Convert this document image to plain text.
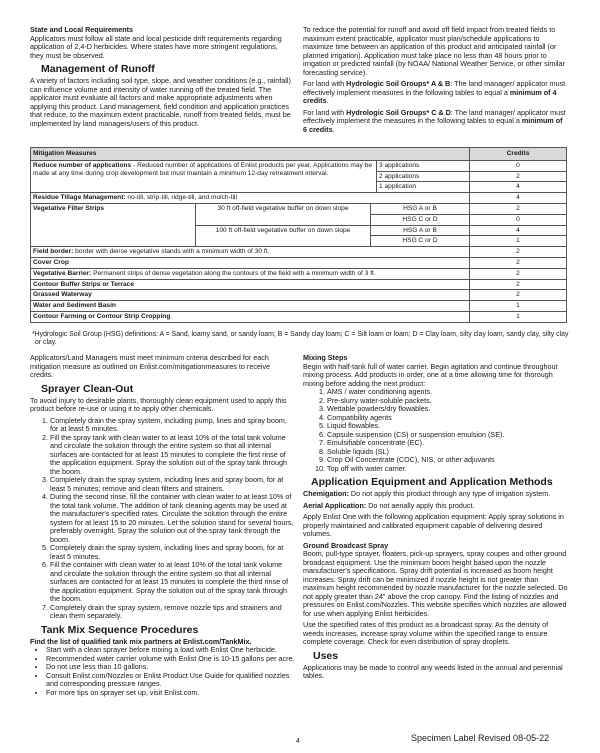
State and Local Requirements

Applicators must follow all state and local pesticide drift requirements regarding application of 2,4-D herbicides. Where states have more stringent regulations, they must be observed.

Management of Runoff

A variety of factors including soil type, slope, and weather conditions (e.g., rainfall) can influence volume and intensity of water running off the treated field. The applicator must evaluate all factors and make appropriate adjustments when applying this product. Land management, field condition and application practices that reduce, to the maximum extent practicable, runoff from treated fields, must be implemented by land managers/users of this product.

To reduce the potential for runoff and avoid off field impact from treated fields to maximum extent practicable, applicator must plan/schedule applications to maximize time between an application of this product and anticipated rainfall (or planned irrigation). Application must take place no less than 48 hours prior to irrigation or predicted rainfall (by NOAA/ National Weather Service, or other similar forecasting service).

For land with Hydrologic Soil Groups* A & B: The land manager/ applicator must effectively implement measures in the following tables to equal a minimum of 4 credits.

For land with Hydrologic Soil Groups* C & D: The land manager/ applicator must effectively implement the measures in the following tables to equal a minimum of 6 credits.

Mitigation Measures				Credits
Reduce number of applications - Reduced number of applications of Enlist products per year. Applications may be made at any time during crop development but must maintain a minimum 12-day retreatment interval.			3 applications	0
			2 applications	2
			1 application	4
Residue Tillage Management: no-till, strip-till, ridge-till, and mulch-till				4
Vegetative Filter Strips	30 ft off-field vegetative buffer on down slope	HSG A or B		2
		HSG C or D		0
	100 ft off-field vegetative buffer on down slope	HSG A or B		4
		HSG C or D		1
Field border: border with dense vegetative stands with a minimum width of 30 ft.				2
Cover Crop				2
Vegetative Barrier: Permanent strips of dense vegetation along the contours of the field with a minimum width of 3 ft.				2
Contour Buffer Strips or Terrace				2
Grassed Waterway				2
Water and Sediment Basin				1
Contour Farming or Contour Strip Cropping				1
*Hydrologic Soil Group (HSG) definitions: A = Sand, loamy sand, or sandy loam; B = Sandy clay loam; C = Silt loam or loam; D = Clay loam, silty clay loam, sandy clay, silty clay or clay.

Applicators/Land Managers must meet minimum criteria described for each mitigation measure as outlined on Enlist.com/mitigationmeasures to receive credits.

Sprayer Clean-Out

To avoid injury to desirable plants, thoroughly clean equipment used to apply this product before re-use or using it to apply other chemicals.

1. Completely drain the spray system, including pump, lines and spray boom, for at least 5 minutes.
2. Fill the spray tank with clean water to at least 10% of the total tank volume and circulate the solution through the entire system so that all internal surfaces are contacted for at least 15 minutes to complete the first rinse of the application equipment. Spray the solution out of the spray tank through the boom.
3. Completely drain the spray system, including lines and spray boom, for at least 5 minutes; remove and clean filters and strainers.
4. During the second rinse, fill the container with clean water to at least 10% of the total tank volume. The addition of tank cleaning agents may be used at the manufacturer's specified rates. Circulate the solution through the entire system for at least 15 to 20 minutes. Let the solution stand for several hours, preferably overnight. Spray the solution out of the spray tank through the boom.
5. Completely drain the spray system, including lines and spray boom, for at least 5 minutes.
6. Fill the container with clean water to at least 10% of the total tank volume and circulate the solution through the entire system so that all internal surfaces are contacted for at least 15 minutes to complete the third rinse of the application equipment. Spray the solution out of the spray tank through the boom.
7. Completely drain the spray system, remove nozzle tips and strainers and clean them separately.
Tank Mix Sequence Procedures

Find the list of qualified tank mix partners at Enlist.com/TankMix.

• Start with a clean sprayer before mixing a load with Enlist One herbicide.
• Recommended water carrier volume with Enlist One is 10-15 gallons per acre.
• Do not use less than 10 gallons.
• Consult Enlist.com/Nozzles or Enlist Product Use Guide for qualified nozzles and corresponding pressure ranges.
• For more tips on sprayer set up, visit Enlist.com.

Mixing Steps

Begin with half-tank full of water carrier. Begin agitation and continue throughout mixing process. Add products in order, one at a time allowing time for thorough mixing before adding the next product:

1. AMS / water conditioning agents.
2. Pre-slurry water-soluble packets.
3. Wettable powders/dry flowables.
4. Compatibility agents
5. Liquid flowables.
6. Capsule suspension (CS) or suspension emulsion (SE).
7. Emulsifiable concentrate (EC).
8. Soluble liquids (SL)
9. Crop Oil Concentrate (COC), NIS, or other adjuvants
10. Top off with water carrier.
Application Equipment and Application Methods

Chemigation: Do not apply this product through any type of irrigation system.

Aerial Application: Do not aerially apply this product.

Apply Enlist One with the following application equipment: Apply spray solutions in properly maintained and calibrated equipment capable of delivering desired volumes.

Ground Broadcast Spray

Boom, pull-type sprayer, floaters, pick-up sprayers, spray coupes and other ground broadcast equipment. Use the minimum boom height based upon the nozzle manufacturer's specifications. Spray drift potential is increased as boom height increases. Spray drift can be minimized if nozzle height is not greater than maximum height recommended by nozzle manufacturer for the nozzle selected. Do not apply greater than 24" above the crop canopy. Find the listing of nozzles and pressures on Enlist.com/Nozzles. This website specifies which nozzles are allowed for use when applying Enlist herbicides.

Use the specified rates of this product as a broadcast spray. As the density of weeds increases, increase spray volume within the specified range to ensure complete coverage. Check for even distribution of spray droplets.

Uses

Applications may be made to control any weeds listed in the annual and perennial tables.

4	Specimen Label Revised 08-05-22
